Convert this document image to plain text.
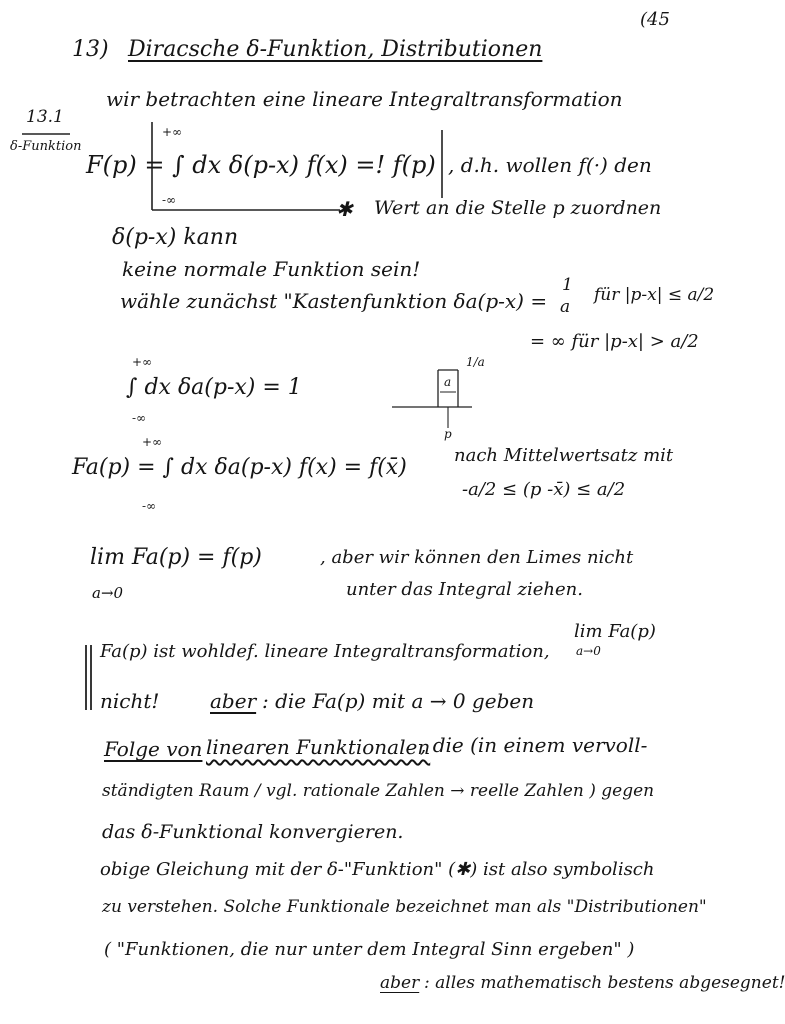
(45
13) Diracsche δ-Funktion, Distributionen
13.1
δ-Funktion
wir betrachten eine lineare Integraltransformation
+∞
F(p) = ∫ dx δ(p-x) f(x) =! f(p)
-∞
, d.h. wollen f(·) den
✱ Wert an die Stelle p zuordnen
δ(p-x) kann
keine normale Funktion sein!
wähle zunächst "Kastenfunktion δa(p-x) =
1
a
für |p-x| ≤ a/2
= ∞ für |p-x| > a/2
+∞
∫ dx δa(p-x) = 1
-∞
1/a
a
p
+∞
Fa(p) = ∫ dx δa(p-x) f(x) = f(x̄)
-∞
nach Mittelwertsatz mit
-a/2 ≤ (p -x̄) ≤ a/2
lim Fa(p) = f(p)
a→0
, aber wir können den Limes nicht
unter das Integral ziehen.
Fa(p) ist wohldef. lineare Integraltransformation,
lim Fa(p)
a→0
nicht!	aber : die Fa(p) mit a → 0 geben
Folge von linearen Funktionalen
, die (in einem vervoll-
ständigten Raum / vgl. rationale Zahlen → reelle Zahlen ) gegen
das δ-Funktional konvergieren.
obige Gleichung mit der δ-"Funktion" (✱) ist also symbolisch
zu verstehen. Solche Funktionale bezeichnet man als "Distributionen"
( "Funktionen, die nur unter dem Integral Sinn ergeben" )
aber : alles mathematisch bestens abgesegnet!
